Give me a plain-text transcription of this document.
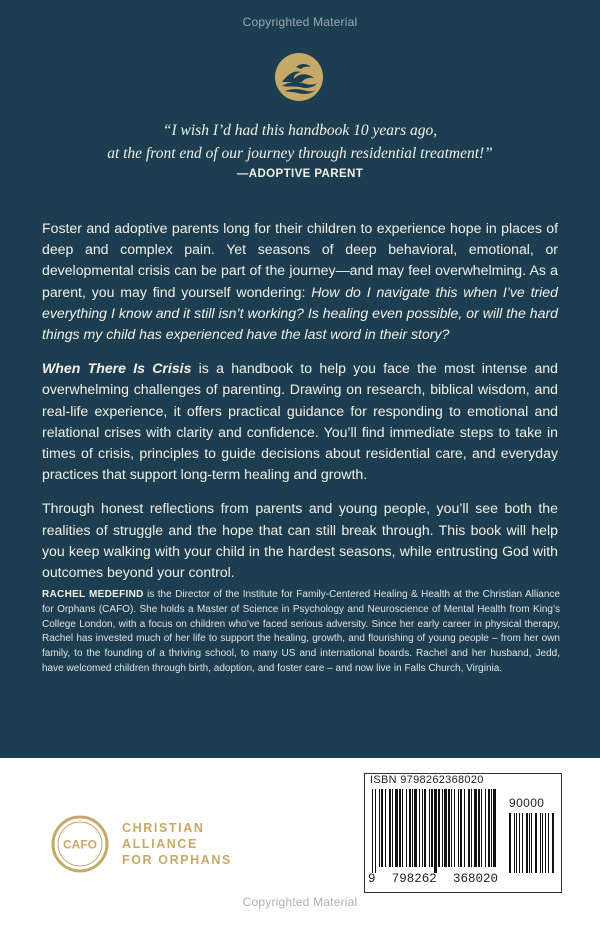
Copyrighted Material
“I wish I’d had this handbook 10 years ago,
at the front end of our journey through residential treatment!”
—ADOPTIVE PARENT

Foster and adoptive parents long for their children to experience hope in places of deep and complex pain. Yet seasons of deep behavioral, emotional, or developmental crisis can be part of the journey—and may feel overwhelming. As a parent, you may find yourself wondering: How do I navigate this when I’ve tried everything I know and it still isn’t working? Is healing even possible, or will the hard things my child has experienced have the last word in their story?

When There Is Crisis is a handbook to help you face the most intense and overwhelming challenges of parenting. Drawing on research, biblical wisdom, and real-life experience, it offers practical guidance for responding to emotional and relational crises with clarity and confidence. You’ll find immediate steps to take in times of crisis, principles to guide decisions about residential care, and everyday practices that support long-term healing and growth.

Through honest reflections from parents and young people, you’ll see both the realities of struggle and the hope that can still break through. This book will help you keep walking with your child in the hardest seasons, while entrusting God with outcomes beyond your control.

RACHEL MEDEFIND is the Director of the Institute for Family-Centered Healing & Health at the Christian Alliance for Orphans (CAFO). She holds a Master of Science in Psychology and Neuroscience of Mental Health from King’s College London, with a focus on children who’ve faced serious adversity. Since her early career in physical therapy, Rachel has invested much of her life to support the healing, growth, and flourishing of young people – from her own family, to the founding of a thriving school, to many US and international boards. Rachel and her husband, Jedd, have welcomed children through birth, adoption, and foster care – and now live in Falls Church, Virginia.
CAFO
CHRISTIAN
ALLIANCE
FOR ORPHANS
ISBN 9798262368020
90000
9 798262 368020
Copyrighted Material
